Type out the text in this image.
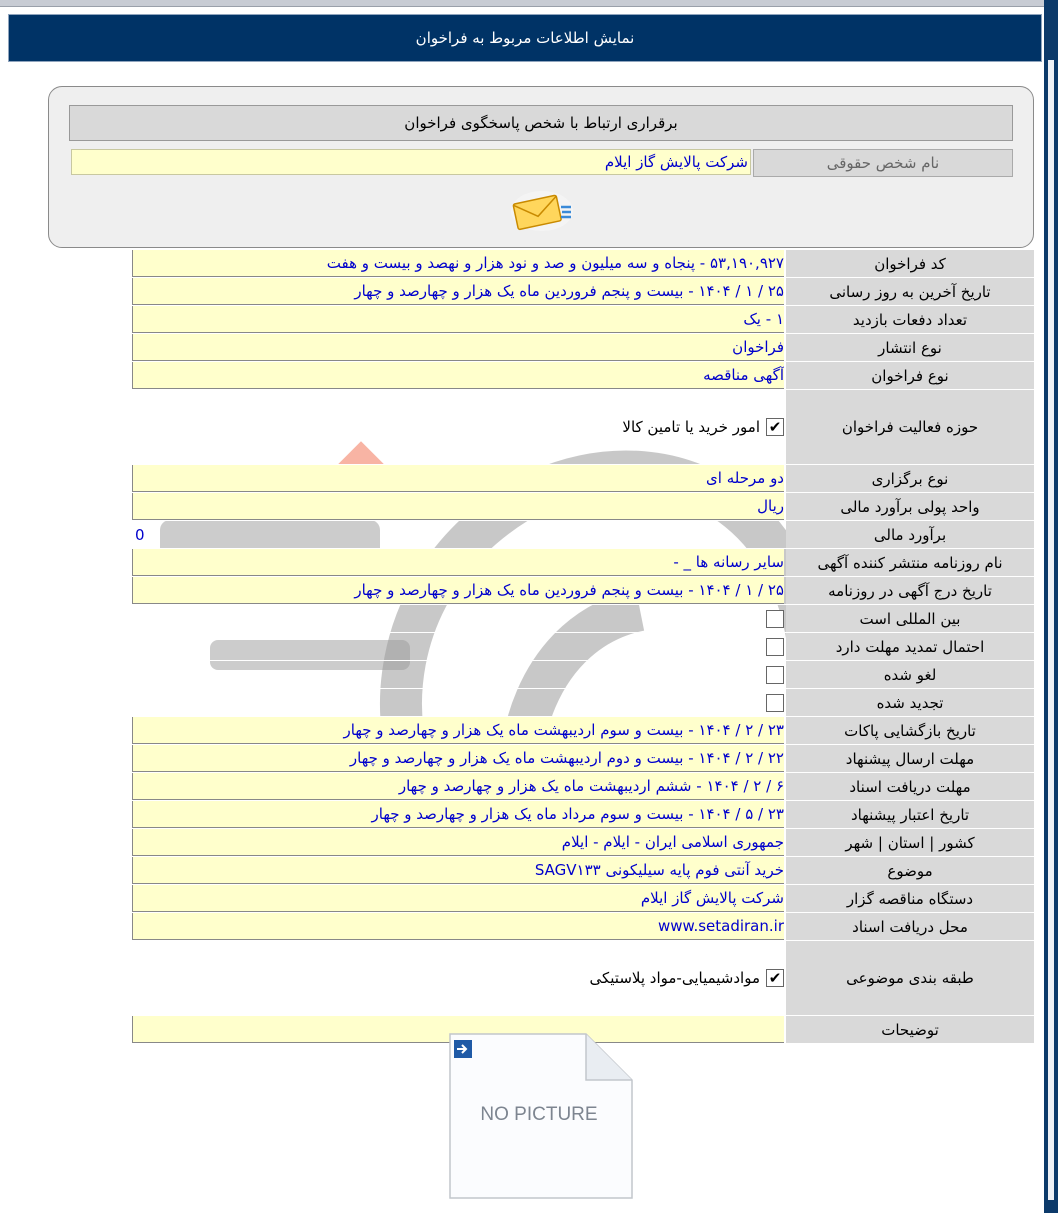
نمایش اطلاعات مربوط به فراخوان
برقراری ارتباط با شخص پاسخگوی فراخوان
نام شخص حقوقی
شرکت پالایش گاز ایلام
کد فراخوان
۵۳,۱۹۰,۹۲۷ - پنجاه و سه میلیون و صد و نود هزار و نهصد و بیست و هفت
تاریخ آخرین به روز رسانی
۲۵ / ۱ / ۱۴۰۴ - بیست و پنجم فروردین ماه یک هزار و چهارصد و چهار
تعداد دفعات بازدید
۱ - یک
نوع انتشار
فراخوان
نوع فراخوان
آگهی مناقصه
حوزه فعالیت فراخوان
✔
امور خرید یا تامین کالا
نوع برگزاری
دو مرحله ای
واحد پولی برآورد مالی
ریال
برآورد مالی
0
نام روزنامه منتشر کننده آگهی
سایر رسانه ها _ -
تاریخ درج آگهی در روزنامه
۲۵ / ۱ / ۱۴۰۴ - بیست و پنجم فروردین ماه یک هزار و چهارصد و چهار
بین المللی است
احتمال تمدید مهلت دارد
لغو شده
تجدید شده
تاریخ بازگشایی پاکات
۲۳ / ۲ / ۱۴۰۴ - بیست و سوم اردیبهشت ماه یک هزار و چهارصد و چهار
مهلت ارسال پیشنهاد
۲۲ / ۲ / ۱۴۰۴ - بیست و دوم اردیبهشت ماه یک هزار و چهارصد و چهار
مهلت دریافت اسناد
۶ / ۲ / ۱۴۰۴ - ششم اردیبهشت ماه یک هزار و چهارصد و چهار
تاریخ اعتبار پیشنهاد
۲۳ / ۵ / ۱۴۰۴ - بیست و سوم مرداد ماه یک هزار و چهارصد و چهار
کشور | استان | شهر
جمهوری اسلامی ایران - ایلام - ایلام
موضوع
خرید آنتی فوم پایه سیلیکونی SAGV۱۳۳
دستگاه مناقصه گزار
شرکت پالایش گاز ایلام
محل دریافت اسناد
www.setadiran.ir
طبقه بندی موضوعی
✔
موادشیمیایی-مواد پلاستیکی
توضیحات
NO PICTURE
